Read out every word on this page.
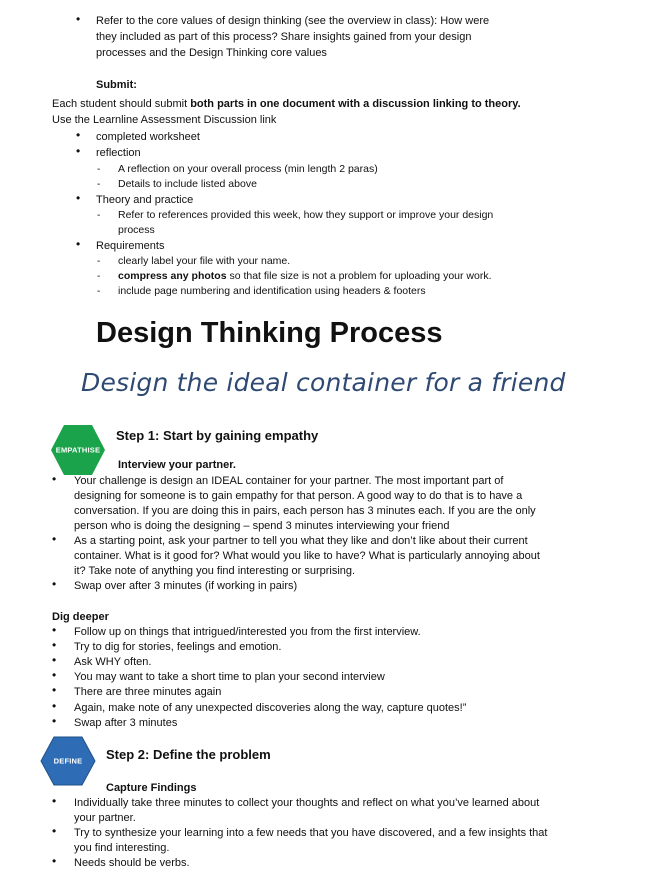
• Refer to the core values of design thinking (see the overview in class): How were
they included as part of this process? Share insights gained from your design
processes and the Design Thinking core values
Submit:
Each student should submit both parts in one document with a discussion linking to theory.
Use the Learnline Assessment Discussion link
• completed worksheet
• reflection
- A reflection on your overall process (min length 2 paras)
- Details to include listed above
• Theory and practice
- Refer to references provided this week, how they support or improve your design
process
• Requirements
- clearly label your file with your name.
- compress any photos so that file size is not a problem for uploading your work.
- include page numbering and identification using headers & footers
Design Thinking Process
Design the ideal container for a friend
EMPATHISE
Step 1: Start by gaining empathy
Interview your partner.
• Your challenge is design an IDEAL container for your partner. The most important part of
designing for someone is to gain empathy for that person. A good way to do that is to have a
conversation. If you are doing this in pairs, each person has 3 minutes each. If you are the only
person who is doing the designing – spend 3 minutes interviewing your friend
• As a starting point, ask your partner to tell you what they like and don’t like about their current
container. What is it good for? What would you like to have? What is particularly annoying about
it? Take note of anything you find interesting or surprising.
• Swap over after 3 minutes (if working in pairs)
Dig deeper
• Follow up on things that intrigued/interested you from the first interview.
• Try to dig for stories, feelings and emotion.
• Ask WHY often.
• You may want to take a short time to plan your second interview
• There are three minutes again
• Again, make note of any unexpected discoveries along the way, capture quotes!”
• Swap after 3 minutes
DEFINE	Step 2: Define the problem
Capture Findings
• Individually take three minutes to collect your thoughts and reflect on what you’ve learned about
your partner.
• Try to synthesize your learning into a few needs that you have discovered, and a few insights that
you find interesting.
• Needs should be verbs.
